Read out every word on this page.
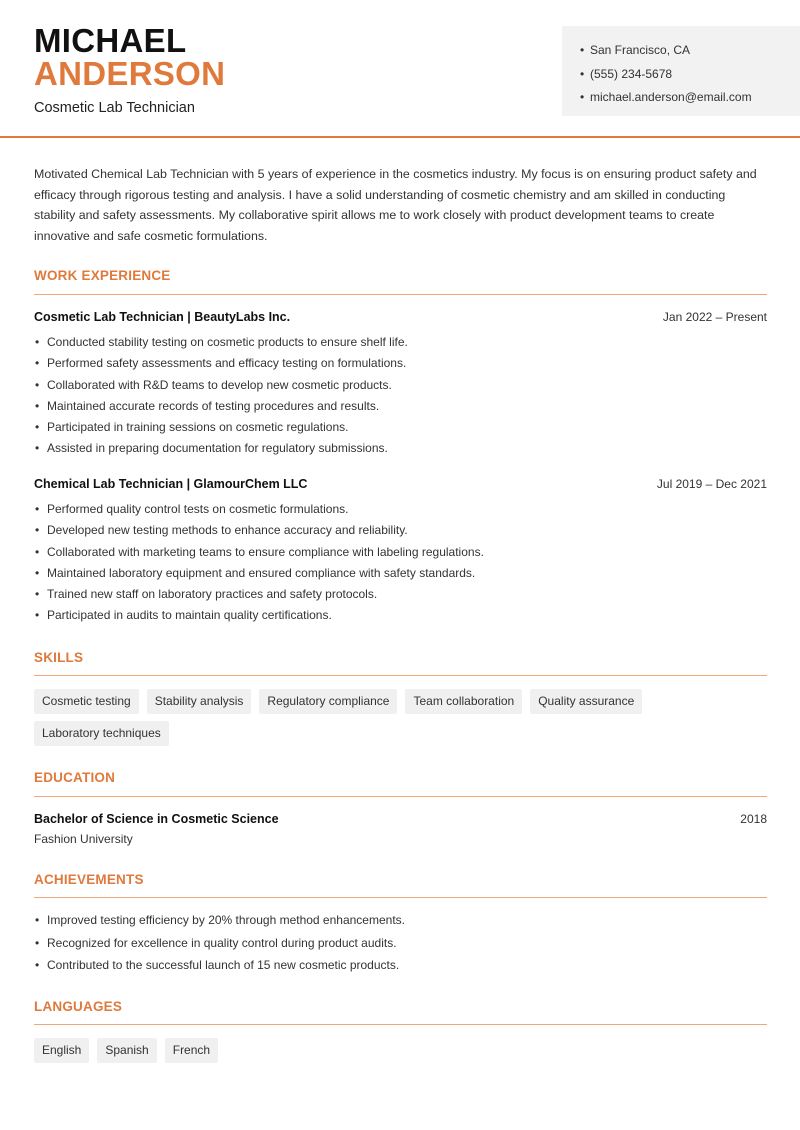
MICHAEL
ANDERSON
Cosmetic Lab Technician
• San Francisco, CA
• (555) 234-5678
• michael.anderson@email.com

Motivated Chemical Lab Technician with 5 years of experience in the cosmetics industry. My focus is on ensuring product safety and efficacy through rigorous testing and analysis. I have a solid understanding of cosmetic chemistry and am skilled in conducting stability and safety assessments. My collaborative spirit allows me to work closely with product development teams to create innovative and safe cosmetic formulations.

WORK EXPERIENCE
Cosmetic Lab Technician | BeautyLabs Inc.	Jan 2022 – Present
• Conducted stability testing on cosmetic products to ensure shelf life.
• Performed safety assessments and efficacy testing on formulations.
• Collaborated with R&D teams to develop new cosmetic products.
• Maintained accurate records of testing procedures and results.
• Participated in training sessions on cosmetic regulations.
• Assisted in preparing documentation for regulatory submissions.
Chemical Lab Technician | GlamourChem LLC	Jul 2019 – Dec 2021
• Performed quality control tests on cosmetic formulations.
• Developed new testing methods to enhance accuracy and reliability.
• Collaborated with marketing teams to ensure compliance with labeling regulations.
• Maintained laboratory equipment and ensured compliance with safety standards.
• Trained new staff on laboratory practices and safety protocols.
• Participated in audits to maintain quality certifications.
SKILLS
Cosmetic testing	Stability analysis	Regulatory compliance	Team collaboration	Quality assurance
Laboratory techniques
EDUCATION
Bachelor of Science in Cosmetic Science	2018
Fashion University
ACHIEVEMENTS
• Improved testing efficiency by 20% through method enhancements.
• Recognized for excellence in quality control during product audits.
• Contributed to the successful launch of 15 new cosmetic products.
LANGUAGES
English	Spanish	French
